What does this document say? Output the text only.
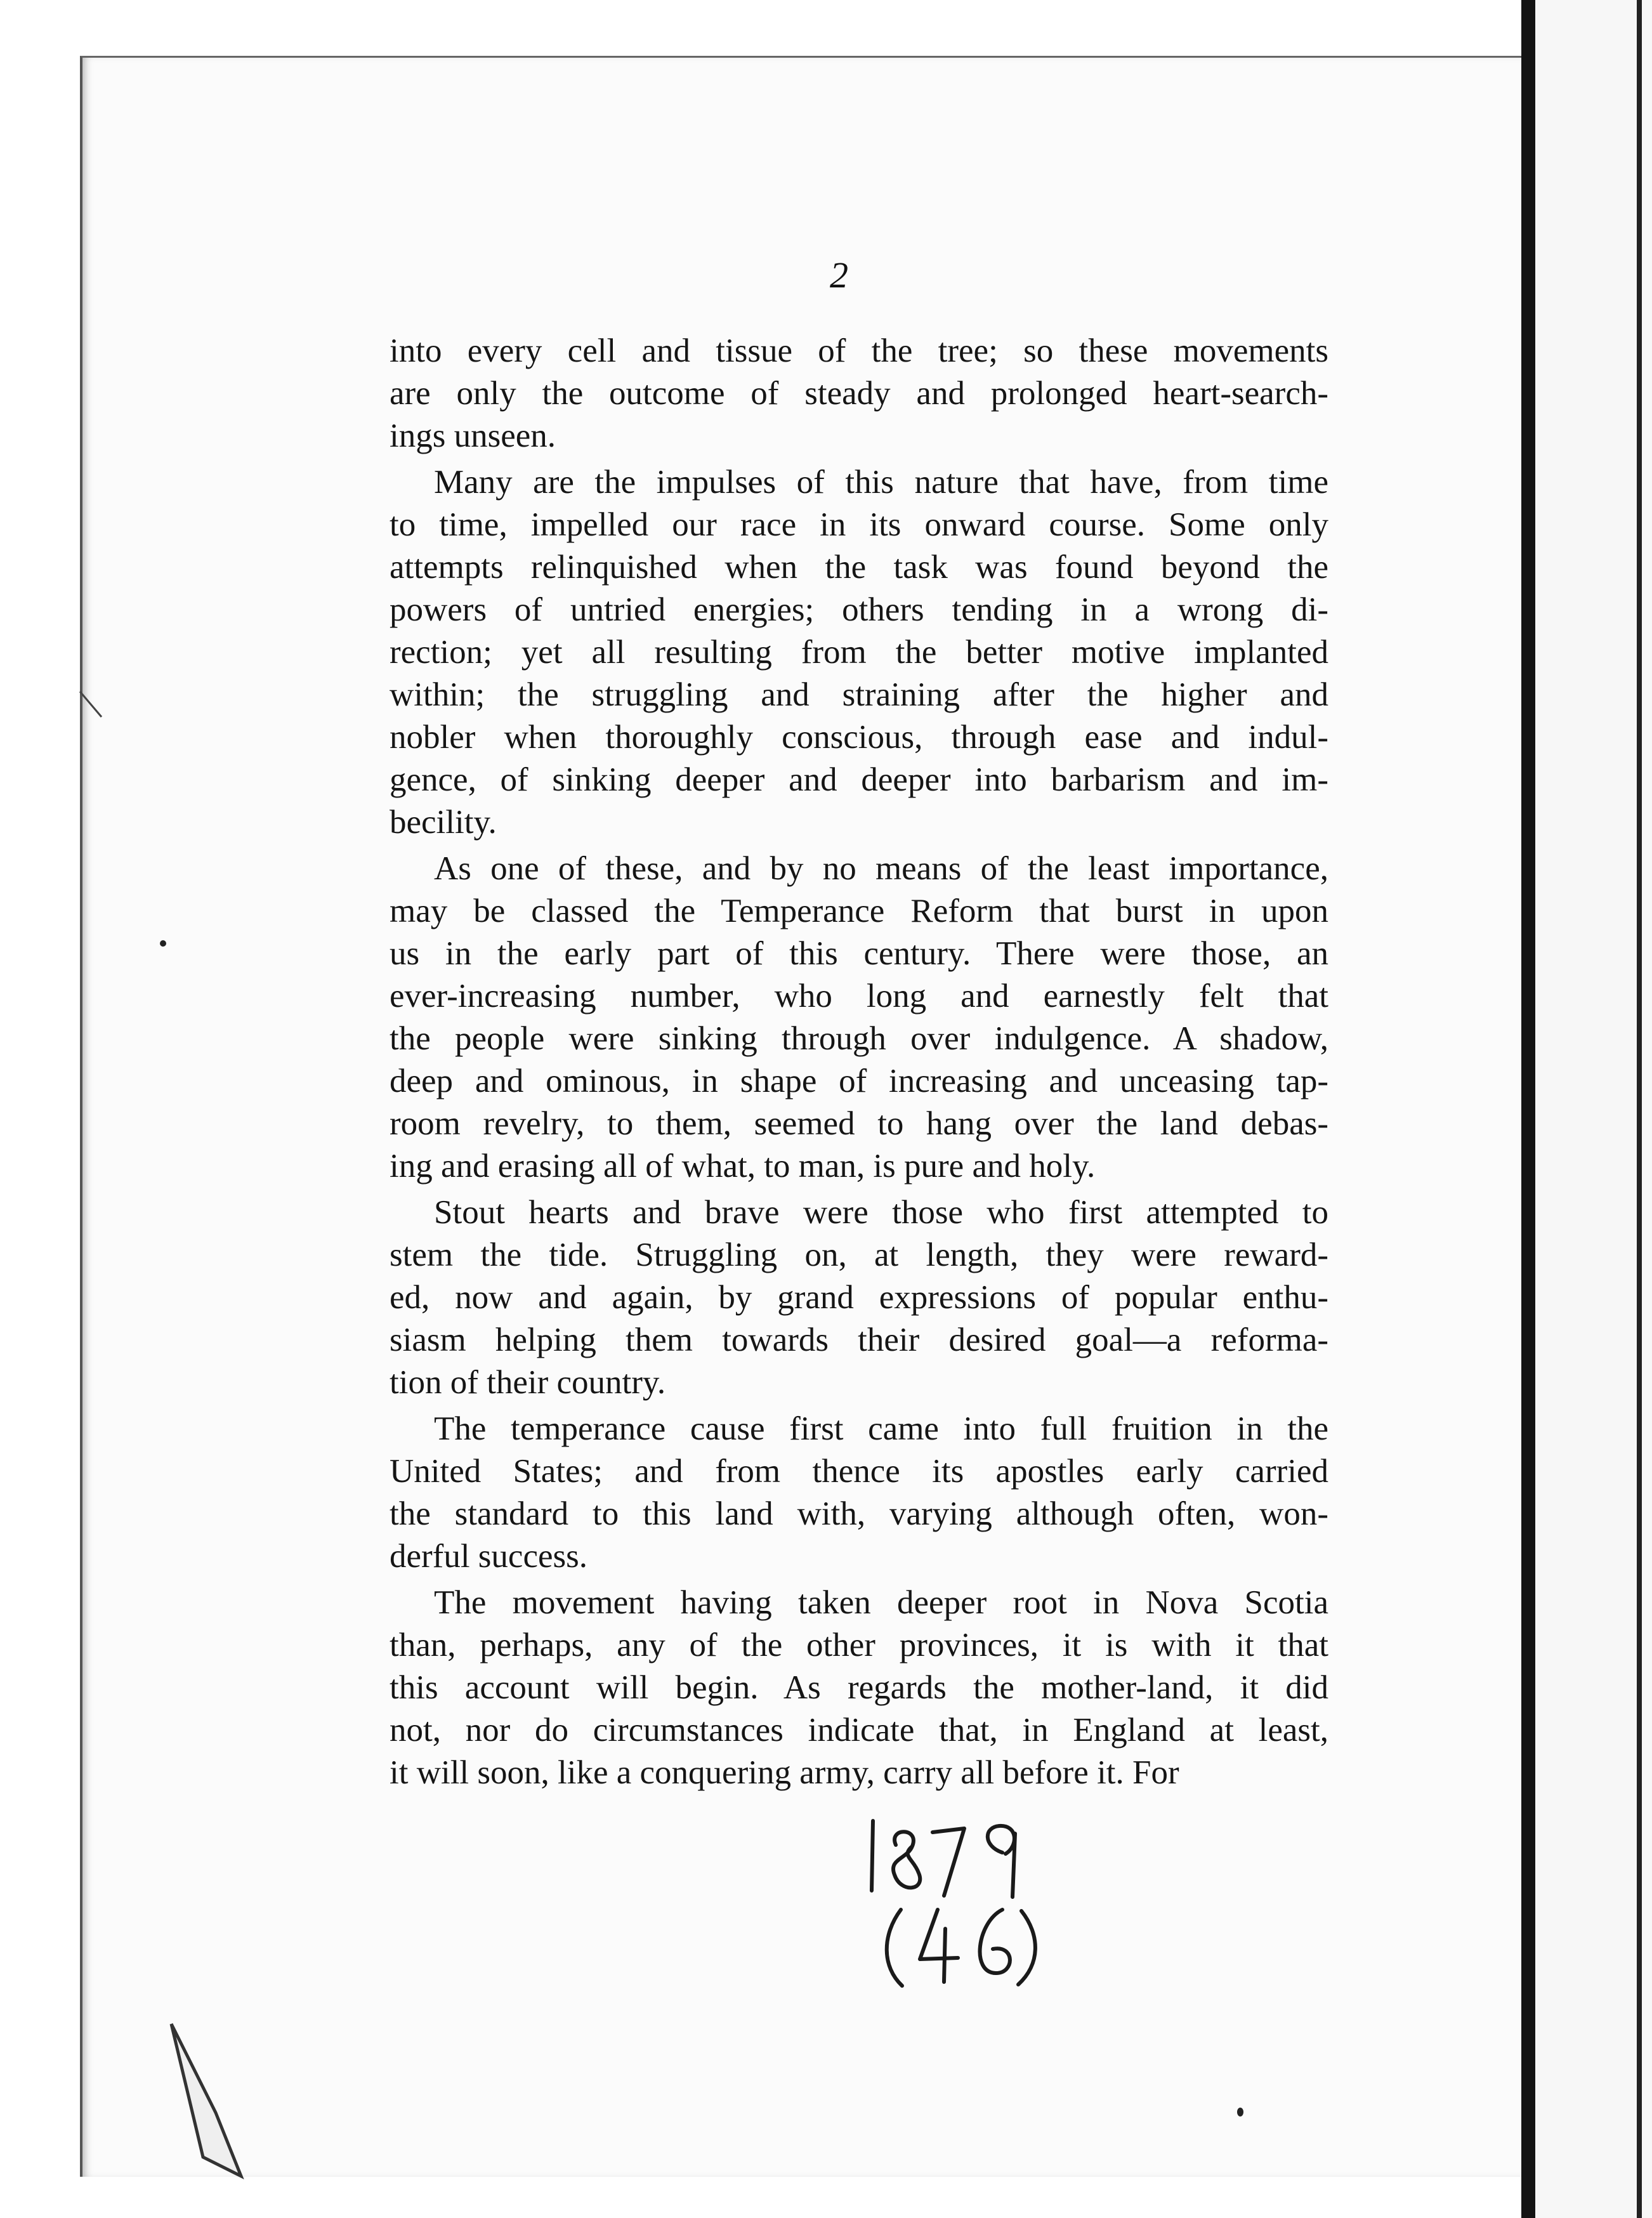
2
into every cell and tissue of the tree; so these movements
are only the outcome of steady and prolonged heart-search-
ings unseen.
Many are the impulses of this nature that have, from time
to time, impelled our race in its onward course. Some only
attempts relinquished when the task was found beyond the
powers of untried energies; others tending in a wrong di-
rection; yet all resulting from the better motive implanted
within; the struggling and straining after the higher and
nobler when thoroughly conscious, through ease and indul-
gence, of sinking deeper and deeper into barbarism and im-
becility.
As one of these, and by no means of the least importance,
may be classed the Temperance Reform that burst in upon
us in the early part of this century. There were those, an
ever-increasing number, who long and earnestly felt that
the people were sinking through over indulgence. A shadow,
deep and ominous, in shape of increasing and unceasing tap-
room revelry, to them, seemed to hang over the land debas-
ing and erasing all of what, to man, is pure and holy.
Stout hearts and brave were those who first attempted to
stem the tide. Struggling on, at length, they were reward-
ed, now and again, by grand expressions of popular enthu-
siasm helping them towards their desired goal—a reforma-
tion of their country.
The temperance cause first came into full fruition in the
United States; and from thence its apostles early carried
the standard to this land with, varying although often, won-
derful success.
The movement having taken deeper root in Nova Scotia
than, perhaps, any of the other provinces, it is with it that
this account will begin. As regards the mother-land, it did
not, nor do circumstances indicate that, in England at least,
it will soon, like a conquering army, carry all before it. For
